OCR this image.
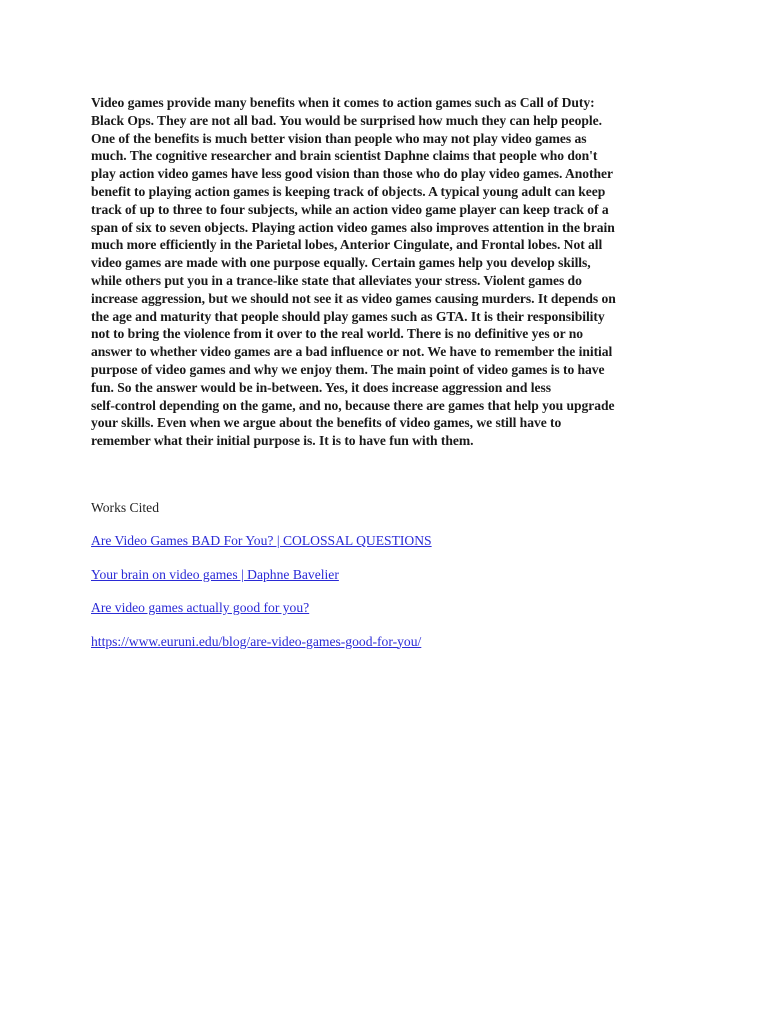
Video games provide many benefits when it comes to action games such as Call of Duty:
Black Ops. They are not all bad. You would be surprised how much they can help people.
One of the benefits is much better vision than people who may not play video games as
much. The cognitive researcher and brain scientist Daphne claims that people who don't
play action video games have less good vision than those who do play video games. Another
benefit to playing action games is keeping track of objects. A typical young adult can keep
track of up to three to four subjects, while an action video game player can keep track of a
span of six to seven objects. Playing action video games also improves attention in the brain
much more efficiently in the Parietal lobes, Anterior Cingulate, and Frontal lobes. Not all
video games are made with one purpose equally. Certain games help you develop skills,
while others put you in a trance-like state that alleviates your stress. Violent games do
increase aggression, but we should not see it as video games causing murders. It depends on
the age and maturity that people should play games such as GTA. It is their responsibility
not to bring the violence from it over to the real world. There is no definitive yes or no
answer to whether video games are a bad influence or not. We have to remember the initial
purpose of video games and why we enjoy them. The main point of video games is to have
fun. So the answer would be in-between. Yes, it does increase aggression and less
self-control depending on the game, and no, because there are games that help you upgrade
your skills. Even when we argue about the benefits of video games, we still have to
remember what their initial purpose is. It is to have fun with them.

Works Cited

Are Video Games BAD For You? | COLOSSAL QUESTIONS
Your brain on video games | Daphne Bavelier
Are video games actually good for you?
https://www.euruni.edu/blog/are-video-games-good-for-you/
